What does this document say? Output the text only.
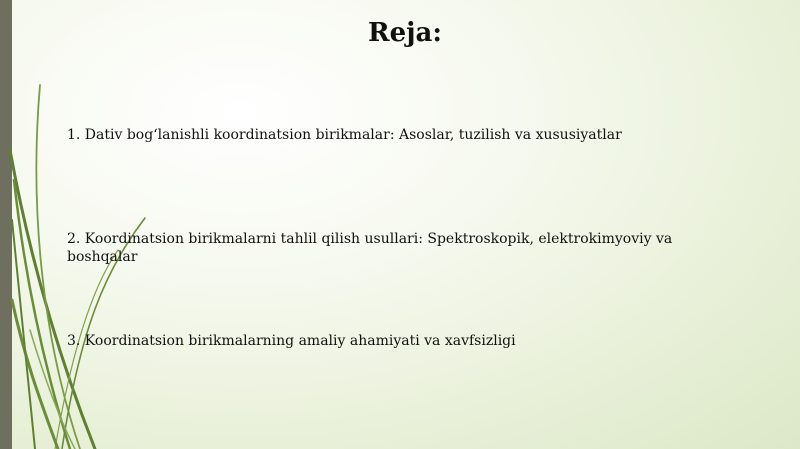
Reja:
1. Dativ bog‘lanishli koordinatsion birikmalar: Asoslar, tuzilish va xususiyatlar
2. Koordinatsion birikmalarni tahlil qilish usullari: Spektroskopik, elektrokimyoviy va boshqalar
3. Koordinatsion birikmalarning amaliy ahamiyati va xavfsizligi
